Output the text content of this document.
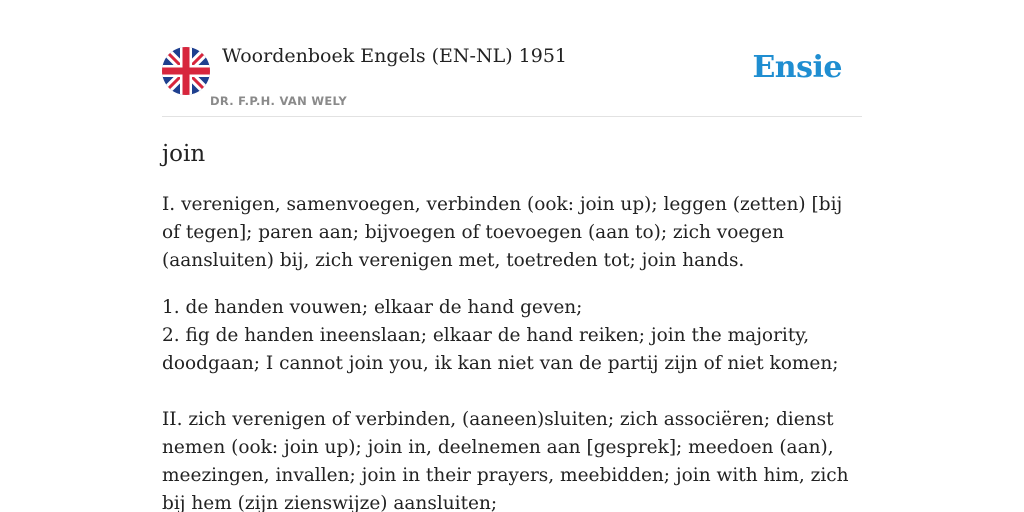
Woordenboek Engels (EN-NL) 1951
DR. F.P.H. VAN WELY
Ensie
join

I. verenigen, samenvoegen, verbinden (ook: join up); leggen (zetten) [bij of tegen]; paren aan; bijvoegen of toevoegen (aan to); zich voegen (aansluiten) bij, zich verenigen met, toetreden tot; join hands.

1. de handen vouwen; elkaar de hand geven;

2. fig de handen ineenslaan; elkaar de hand reiken; join the majority, doodgaan; I cannot join you, ik kan niet van de partij zijn of niet komen;

II. zich verenigen of verbinden, (aaneen)sluiten; zich associëren; dienst nemen (ook: join up); join in, deelnemen aan [gesprek]; meedoen (aan), meezingen, invallen; join in their prayers, meebidden; join with him, zich bij hem (zijn zienswijze) aansluiten;
